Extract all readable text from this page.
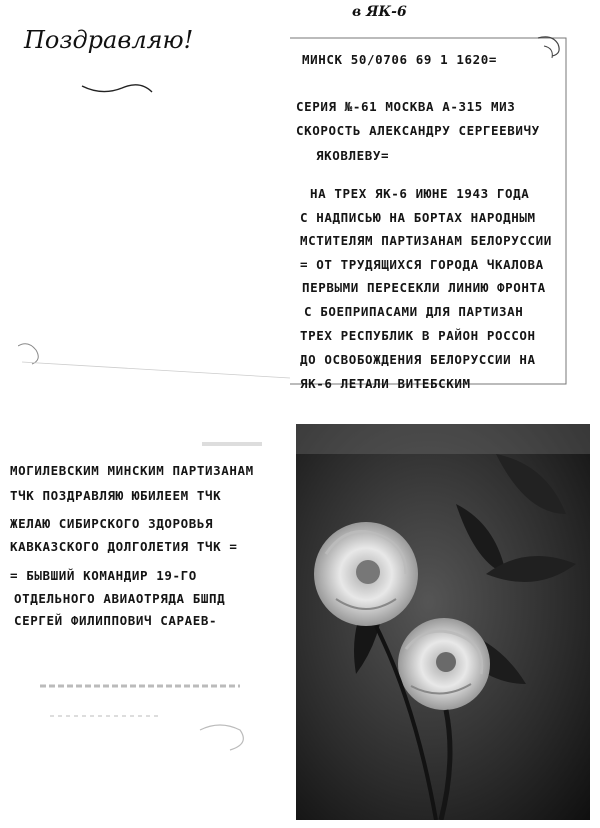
в ЯК-6
Поздравляю!
МИНСК 50/0706 69 1 1620=
СЕРИЯ №-61 МОСКВА А-315 МИЗ
СКОРОСТЬ АЛЕКСАНДРУ СЕРГЕЕВИЧУ
ЯКОВЛЕВУ=
НА ТРЕХ ЯК-6 ИЮНЕ 1943 ГОДА
С НАДПИСЬЮ НА БОРТАХ НАРОДНЫМ
МСТИТЕЛЯМ ПАРТИЗАНАМ БЕЛОРУССИИ
= ОТ ТРУДЯЩИХСЯ ГОРОДА ЧКАЛОВА
ПЕРВЫМИ ПЕРЕСЕКЛИ ЛИНИЮ ФРОНТА
С БОЕПРИПАСАМИ ДЛЯ ПАРТИЗАН
ТРЕХ РЕСПУБЛИК В РАЙОН РОССОН
ДО ОСВОБОЖДЕНИЯ БЕЛОРУССИИ НА
ЯК-6 ЛЕТАЛИ ВИТЕБСКИМ
МОГИЛЕВСКИМ МИНСКИМ ПАРТИЗАНАМ
ТЧК ПОЗДРАВЛЯЮ ЮБИЛЕЕМ ТЧК
ЖЕЛАЮ СИБИРСКОГО ЗДОРОВЬЯ
КАВКАЗСКОГО ДОЛГОЛЕТИЯ ТЧК =
= БЫВШИЙ КОМАНДИР 19-ГО
ОТДЕЛЬНОГО АВИАОТРЯДА БШПД
СЕРГЕЙ ФИЛИППОВИЧ САРАЕВ-
